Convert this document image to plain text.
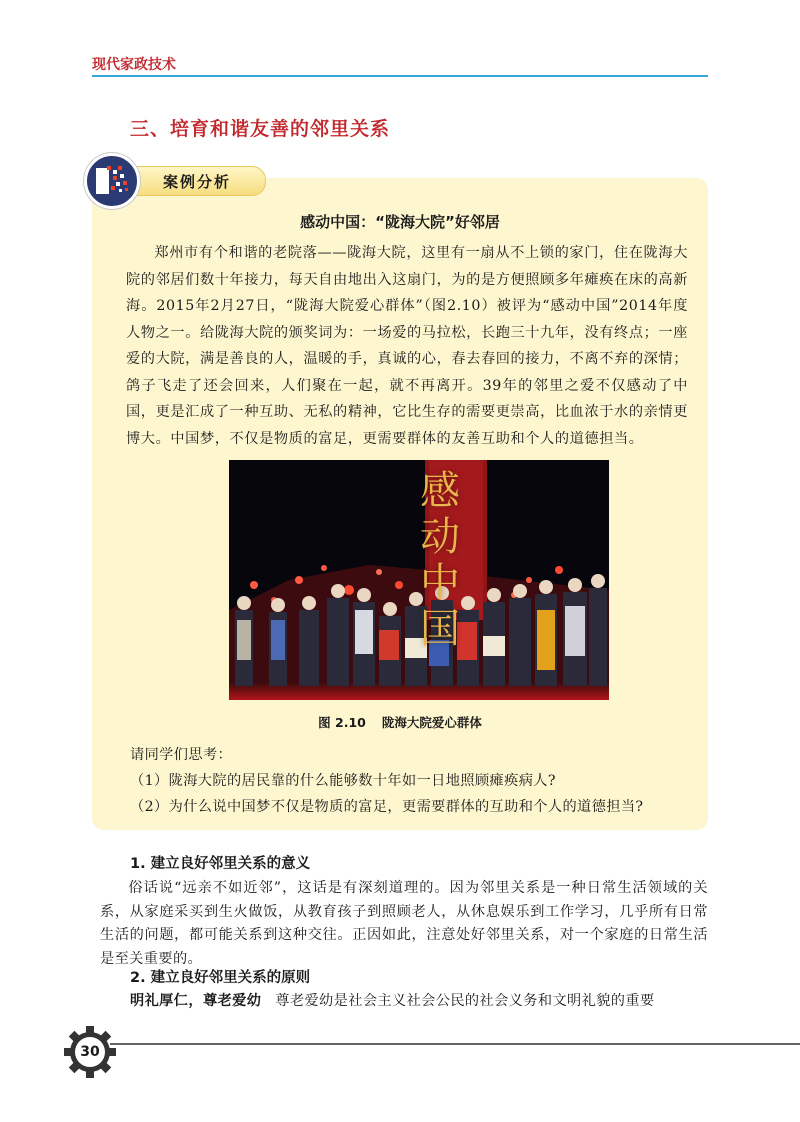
现代家政技术
三、培育和谐友善的邻里关系
案例分析
感动中国：“陇海大院”好邻居

郑州市有个和谐的老院落——陇海大院，这里有一扇从不上锁的家门，住在陇海大院的邻居们数十年接力，每天自由地出入这扇门，为的是方便照顾多年瘫痪在床的高新海。2015年2月27日，“陇海大院爱心群体”（图2.10）被评为“感动中国”2014年度人物之一。给陇海大院的颁奖词为：一场爱的马拉松，长跑三十九年，没有终点；一座爱的大院，满是善良的人，温暖的手，真诚的心，春去春回的接力，不离不弃的深情；鸽子飞走了还会回来，人们聚在一起，就不再离开。39年的邻里之爱不仅感动了中国，更是汇成了一种互助、无私的精神，它比生存的需要更崇高，比血浓于水的亲情更博大。中国梦，不仅是物质的富足，更需要群体的友善互助和个人的道德担当。

感动中国
图 2.10 陇海大院爱心群体
请同学们思考：
（1）陇海大院的居民靠的什么能够数十年如一日地照顾瘫痪病人?
（2）为什么说中国梦不仅是物质的富足，更需要群体的互助和个人的道德担当?
1. 建立良好邻里关系的意义

俗话说“远亲不如近邻”，这话是有深刻道理的。因为邻里关系是一种日常生活领域的关系，从家庭采买到生火做饭，从教育孩子到照顾老人，从休息娱乐到工作学习，几乎所有日常生活的问题，都可能关系到这种交往。正因如此，注意处好邻里关系，对一个家庭的日常生活是至关重要的。

2. 建立良好邻里关系的原则
明礼厚仁，尊老爱幼 尊老爱幼是社会主义社会公民的社会义务和文明礼貌的重要
30
